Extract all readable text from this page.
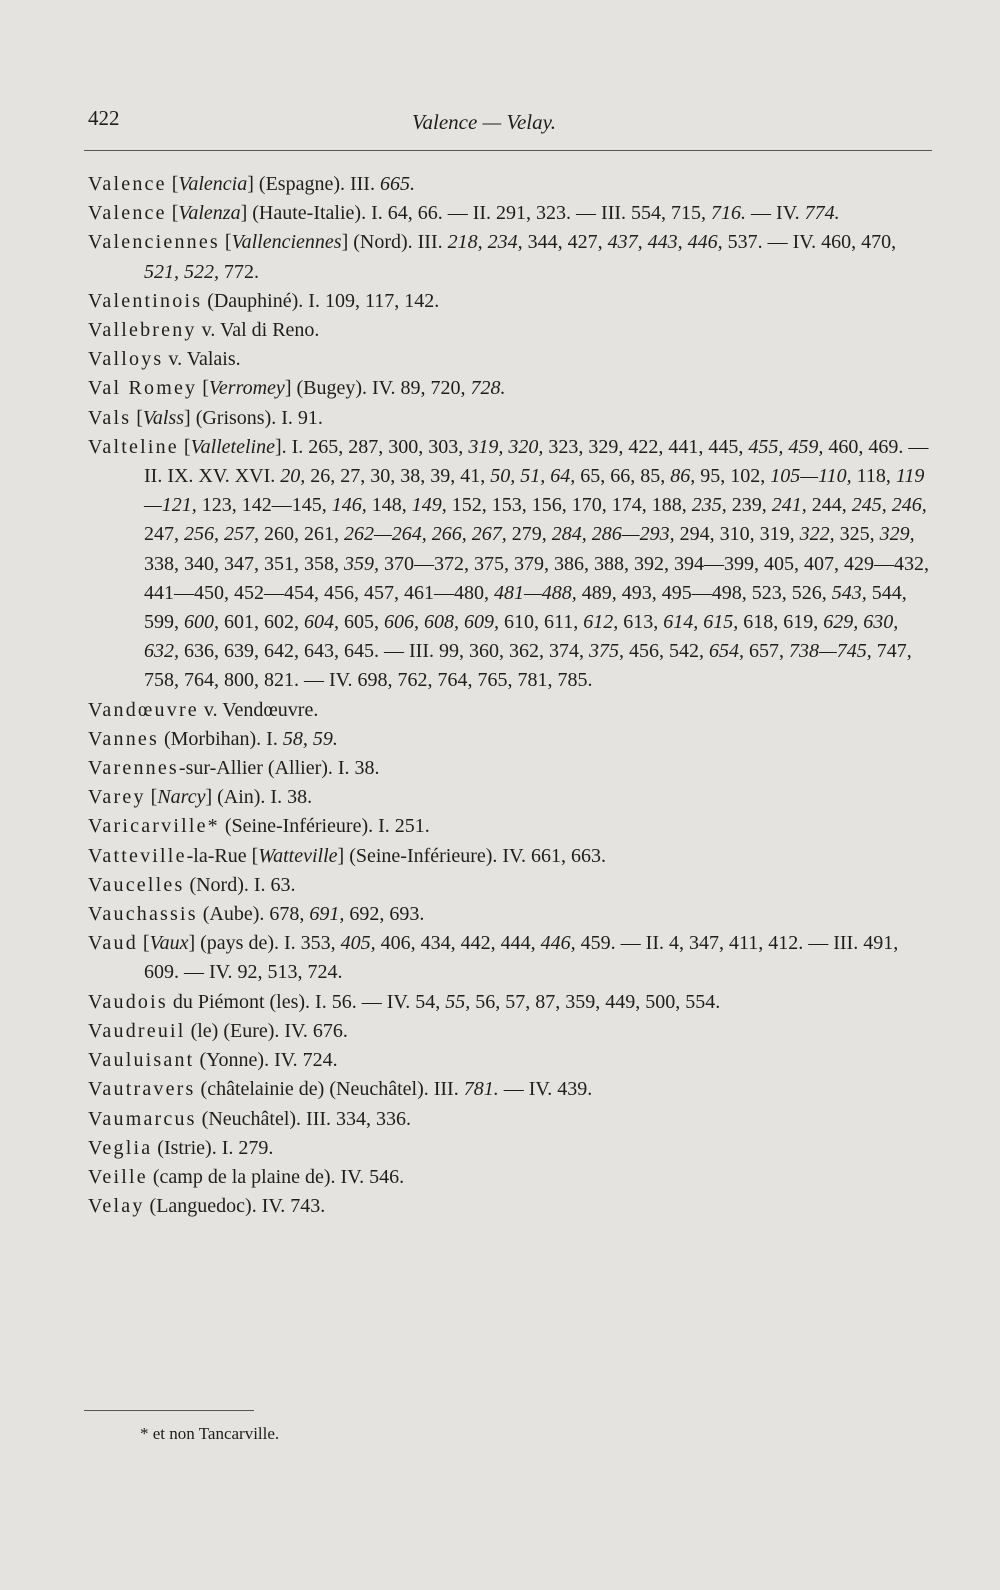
422	Valence — Velay.
Valence [Valencia] (Espagne). III. 665.
Valence [Valenza] (Haute-Italie). I. 64, 66. — II. 291, 323. — III. 554, 715, 716. — IV. 774.
Valenciennes [Vallenciennes] (Nord). III. 218, 234, 344, 427, 437, 443, 446, 537. — IV. 460, 470, 521, 522, 772.
Valentinois (Dauphiné). I. 109, 117, 142.
Vallebreny v. Val di Reno.
Valloys v. Valais.
Val Romey [Verromey] (Bugey). IV. 89, 720, 728.
Vals [Valss] (Grisons). I. 91.
Valteline [Valleteline]. I. 265, 287, 300, 303, 319, 320, 323, 329, 422, 441, 445, 455, 459, 460, 469. — II. IX. XV. XVI. 20, 26, 27, 30, 38, 39, 41, 50, 51, 64, 65, 66, 85, 86, 95, 102, 105—110, 118, 119—121, 123, 142—145, 146, 148, 149, 152, 153, 156, 170, 174, 188, 235, 239, 241, 244, 245, 246, 247, 256, 257, 260, 261, 262—264, 266, 267, 279, 284, 286—293, 294, 310, 319, 322, 325, 329, 338, 340, 347, 351, 358, 359, 370—372, 375, 379, 386, 388, 392, 394—399, 405, 407, 429—432, 441—450, 452—454, 456, 457, 461—480, 481—488, 489, 493, 495—498, 523, 526, 543, 544, 599, 600, 601, 602, 604, 605, 606, 608, 609, 610, 611, 612, 613, 614, 615, 618, 619, 629, 630, 632, 636, 639, 642, 643, 645. — III. 99, 360, 362, 374, 375, 456, 542, 654, 657, 738—745, 747, 758, 764, 800, 821. — IV. 698, 762, 764, 765, 781, 785.
Vandœuvre v. Vendœuvre.
Vannes (Morbihan). I. 58, 59.
Varennes-sur-Allier (Allier). I. 38.
Varey [Narcy] (Ain). I. 38.
Varicarville* (Seine-Inférieure). I. 251.
Vatteville-la-Rue [Watteville] (Seine-Inférieure). IV. 661, 663.
Vaucelles (Nord). I. 63.
Vauchassis (Aube). 678, 691, 692, 693.
Vaud [Vaux] (pays de). I. 353, 405, 406, 434, 442, 444, 446, 459. — II. 4, 347, 411, 412. — III. 491, 609. — IV. 92, 513, 724.
Vaudois du Piémont (les). I. 56. — IV. 54, 55, 56, 57, 87, 359, 449, 500, 554.
Vaudreuil (le) (Eure). IV. 676.
Vauluisant (Yonne). IV. 724.
Vautravers (châtelainie de) (Neuchâtel). III. 781. — IV. 439.
Vaumarcus (Neuchâtel). III. 334, 336.
Veglia (Istrie). I. 279.
Veille (camp de la plaine de). IV. 546.
Velay (Languedoc). IV. 743.
* et non Tancarville.
